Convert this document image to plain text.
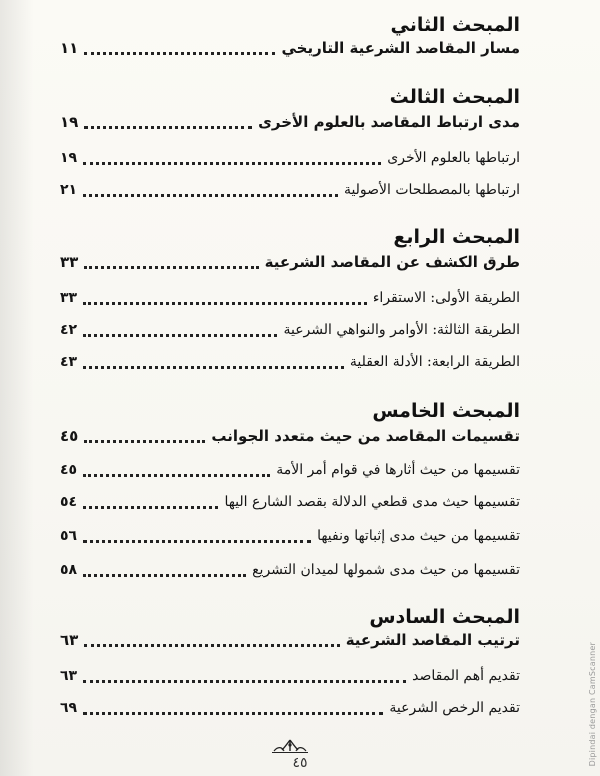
المبحث الثاني
مسار المقاصد الشرعية التاريخي
١١
المبحث الثالث
مدى ارتباط المقاصد بالعلوم الأخرى
١٩
ارتباطها بالعلوم الأخرى
١٩
ارتباطها بالمصطلحات الأصولية
٢١
المبحث الرابع
طرق الكشف عن المقاصد الشرعية
٣٣
الطريقة الأولى: الاستقراء
٣٣
الطريقة الثالثة: الأوامر والنواهي الشرعية
٤٢
الطريقة الرابعة: الأدلة العقلية
٤٣
المبحث الخامس
تقسيمات المقاصد من حيث متعدد الجوانب
٤٥
تقسيمها من حيث أثارها في قوام أمر الأمة
٤٥
تقسيمها حيث مدى قطعي الدلالة بقصد الشارع اليها
٥٤
تقسيمها من حيث مدى إثباتها ونفيها
٥٦
تقسيمها من حيث مدى شمولها لميدان التشريع
٥٨
المبحث السادس
ترتيب المقاصد الشرعية
٦٣
تقديم أهم المقاصد
٦٣
تقديم الرخص الشرعية
٦٩
٤٥	Dipindai dengan CamScanner
